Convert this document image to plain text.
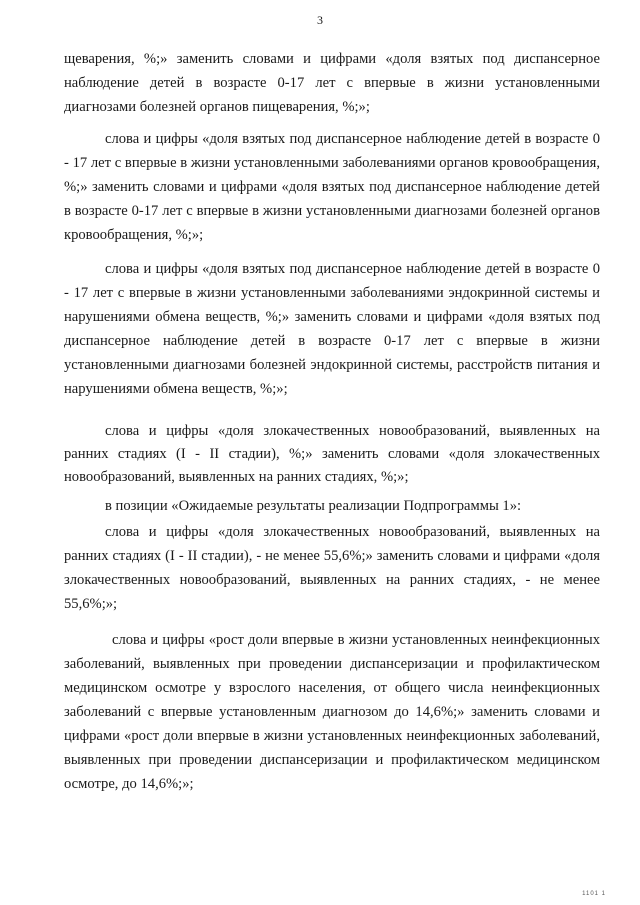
3

щеварения, %;» заменить словами и цифрами «доля взятых под диспансерное наблюдение детей в возрасте 0-17 лет с впервые в жизни установленными диагнозами болезней органов пищеварения, %;»;

слова и цифры «доля взятых под диспансерное наблюдение детей в возрасте 0 - 17 лет с впервые в жизни установленными заболеваниями органов кровообращения, %;» заменить словами и цифрами «доля взятых под диспансерное наблюдение детей в возрасте 0-17 лет с впервые в жизни установленными диагнозами болезней органов кровообращения, %;»;

слова и цифры «доля взятых под диспансерное наблюдение детей в возрасте 0 - 17 лет с впервые в жизни установленными заболеваниями эндокринной системы и нарушениями обмена веществ, %;» заменить словами и цифрами «доля взятых под диспансерное наблюдение детей в возрасте 0-17 лет с впервые в жизни установленными диагнозами болезней эндокринной системы, расстройств питания и нарушениями обмена веществ, %;»;

слова и цифры «доля злокачественных новообразований, выявленных на ранних стадиях (I - II стадии), %;» заменить словами «доля злокачественных новообразований, выявленных на ранних стадиях, %;»;

в позиции «Ожидаемые результаты реализации Подпрограммы 1»:

слова и цифры «доля злокачественных новообразований, выявленных на ранних стадиях (I - II стадии), - не менее 55,6%;» заменить словами и цифрами «доля злокачественных новообразований, выявленных на ранних стадиях, - не менее 55,6%;»;

слова и цифры «рост доли впервые в жизни установленных неинфекционных заболеваний, выявленных при проведении диспансеризации и профилактическом медицинском осмотре у взрослого населения, от общего числа неинфекционных заболеваний с впервые установленным диагнозом до 14,6%;» заменить словами и цифрами «рост доли впервые в жизни установленных неинфекционных заболеваний, выявленных при проведении диспансеризации и профилактическом медицинском осмотре, до 14,6%;»;

1101 1
